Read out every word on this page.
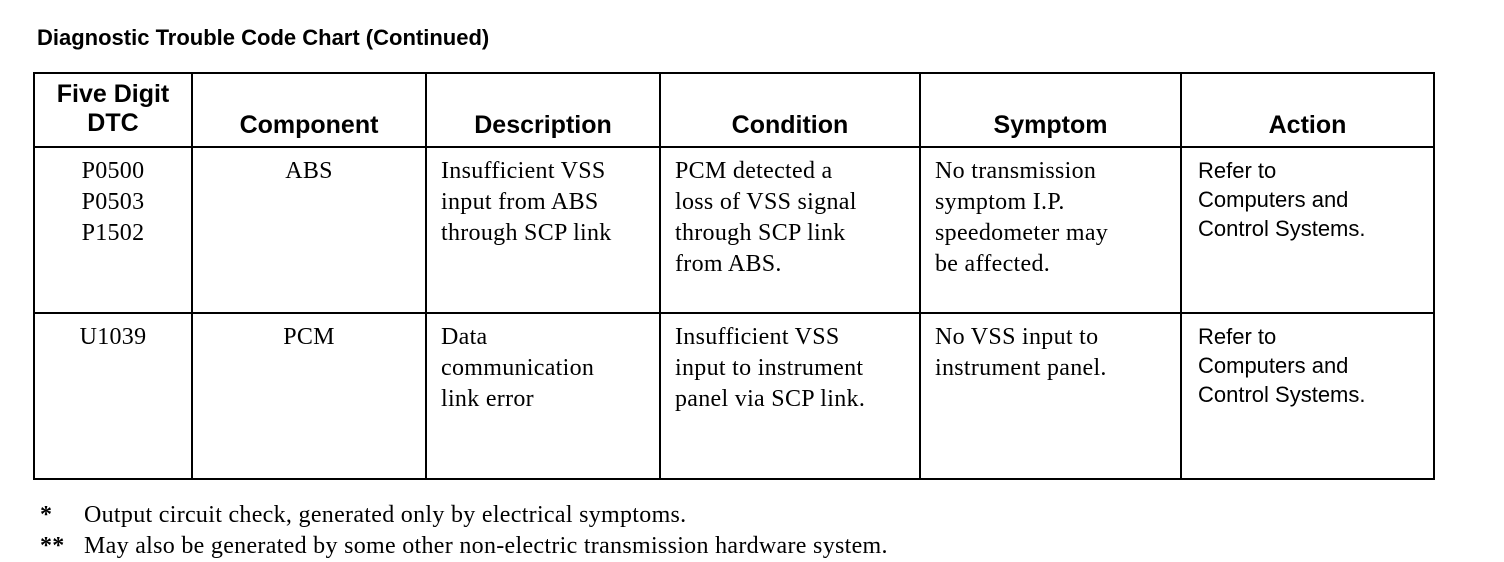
Diagnostic Trouble Code Chart (Continued)
Five Digit
DTC	Component	Description	Condition	Symptom	Action

P0500
P0503
P1502	ABS	Insufficient VSS
input from ABS
through SCP link	PCM detected a
loss of VSS signal
through SCP link
from ABS.	No transmission
symptom I.P.
speedometer may
be affected.	Refer to
Computers and
Control Systems.

U1039	PCM	Data
communication
link error	Insufficient VSS
input to instrument
panel via SCP link.	No VSS input to
instrument panel.	Refer to
Computers and
Control Systems.
* Output circuit check, generated only by electrical symptoms.
** May also be generated by some other non-electric transmission hardware system.
